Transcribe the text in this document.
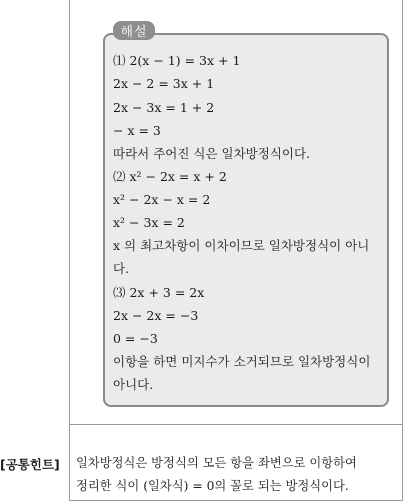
해설
⑴ 2(x − 1) = 3x + 1
2x − 2 = 3x + 1
2x − 3x = 1 + 2
− x = 3
따라서 주어진 식은 일차방정식이다.
⑵ x² − 2x = x + 2
x² − 2x − x = 2
x² − 3x = 2
x 의 최고차항이 이차이므로 일차방정식이 아니
다.
⑶ 2x + 3 = 2x
2x − 2x = −3
0 = −3
이항을 하면 미지수가 소거되므로 일차방정식이
아니다.
[공통힌트] 일차방정식은 방정식의 모든 항을 좌변으로 이항하여
정리한 식이 (일차식) = 0의 꼴로 되는 방정식이다.
